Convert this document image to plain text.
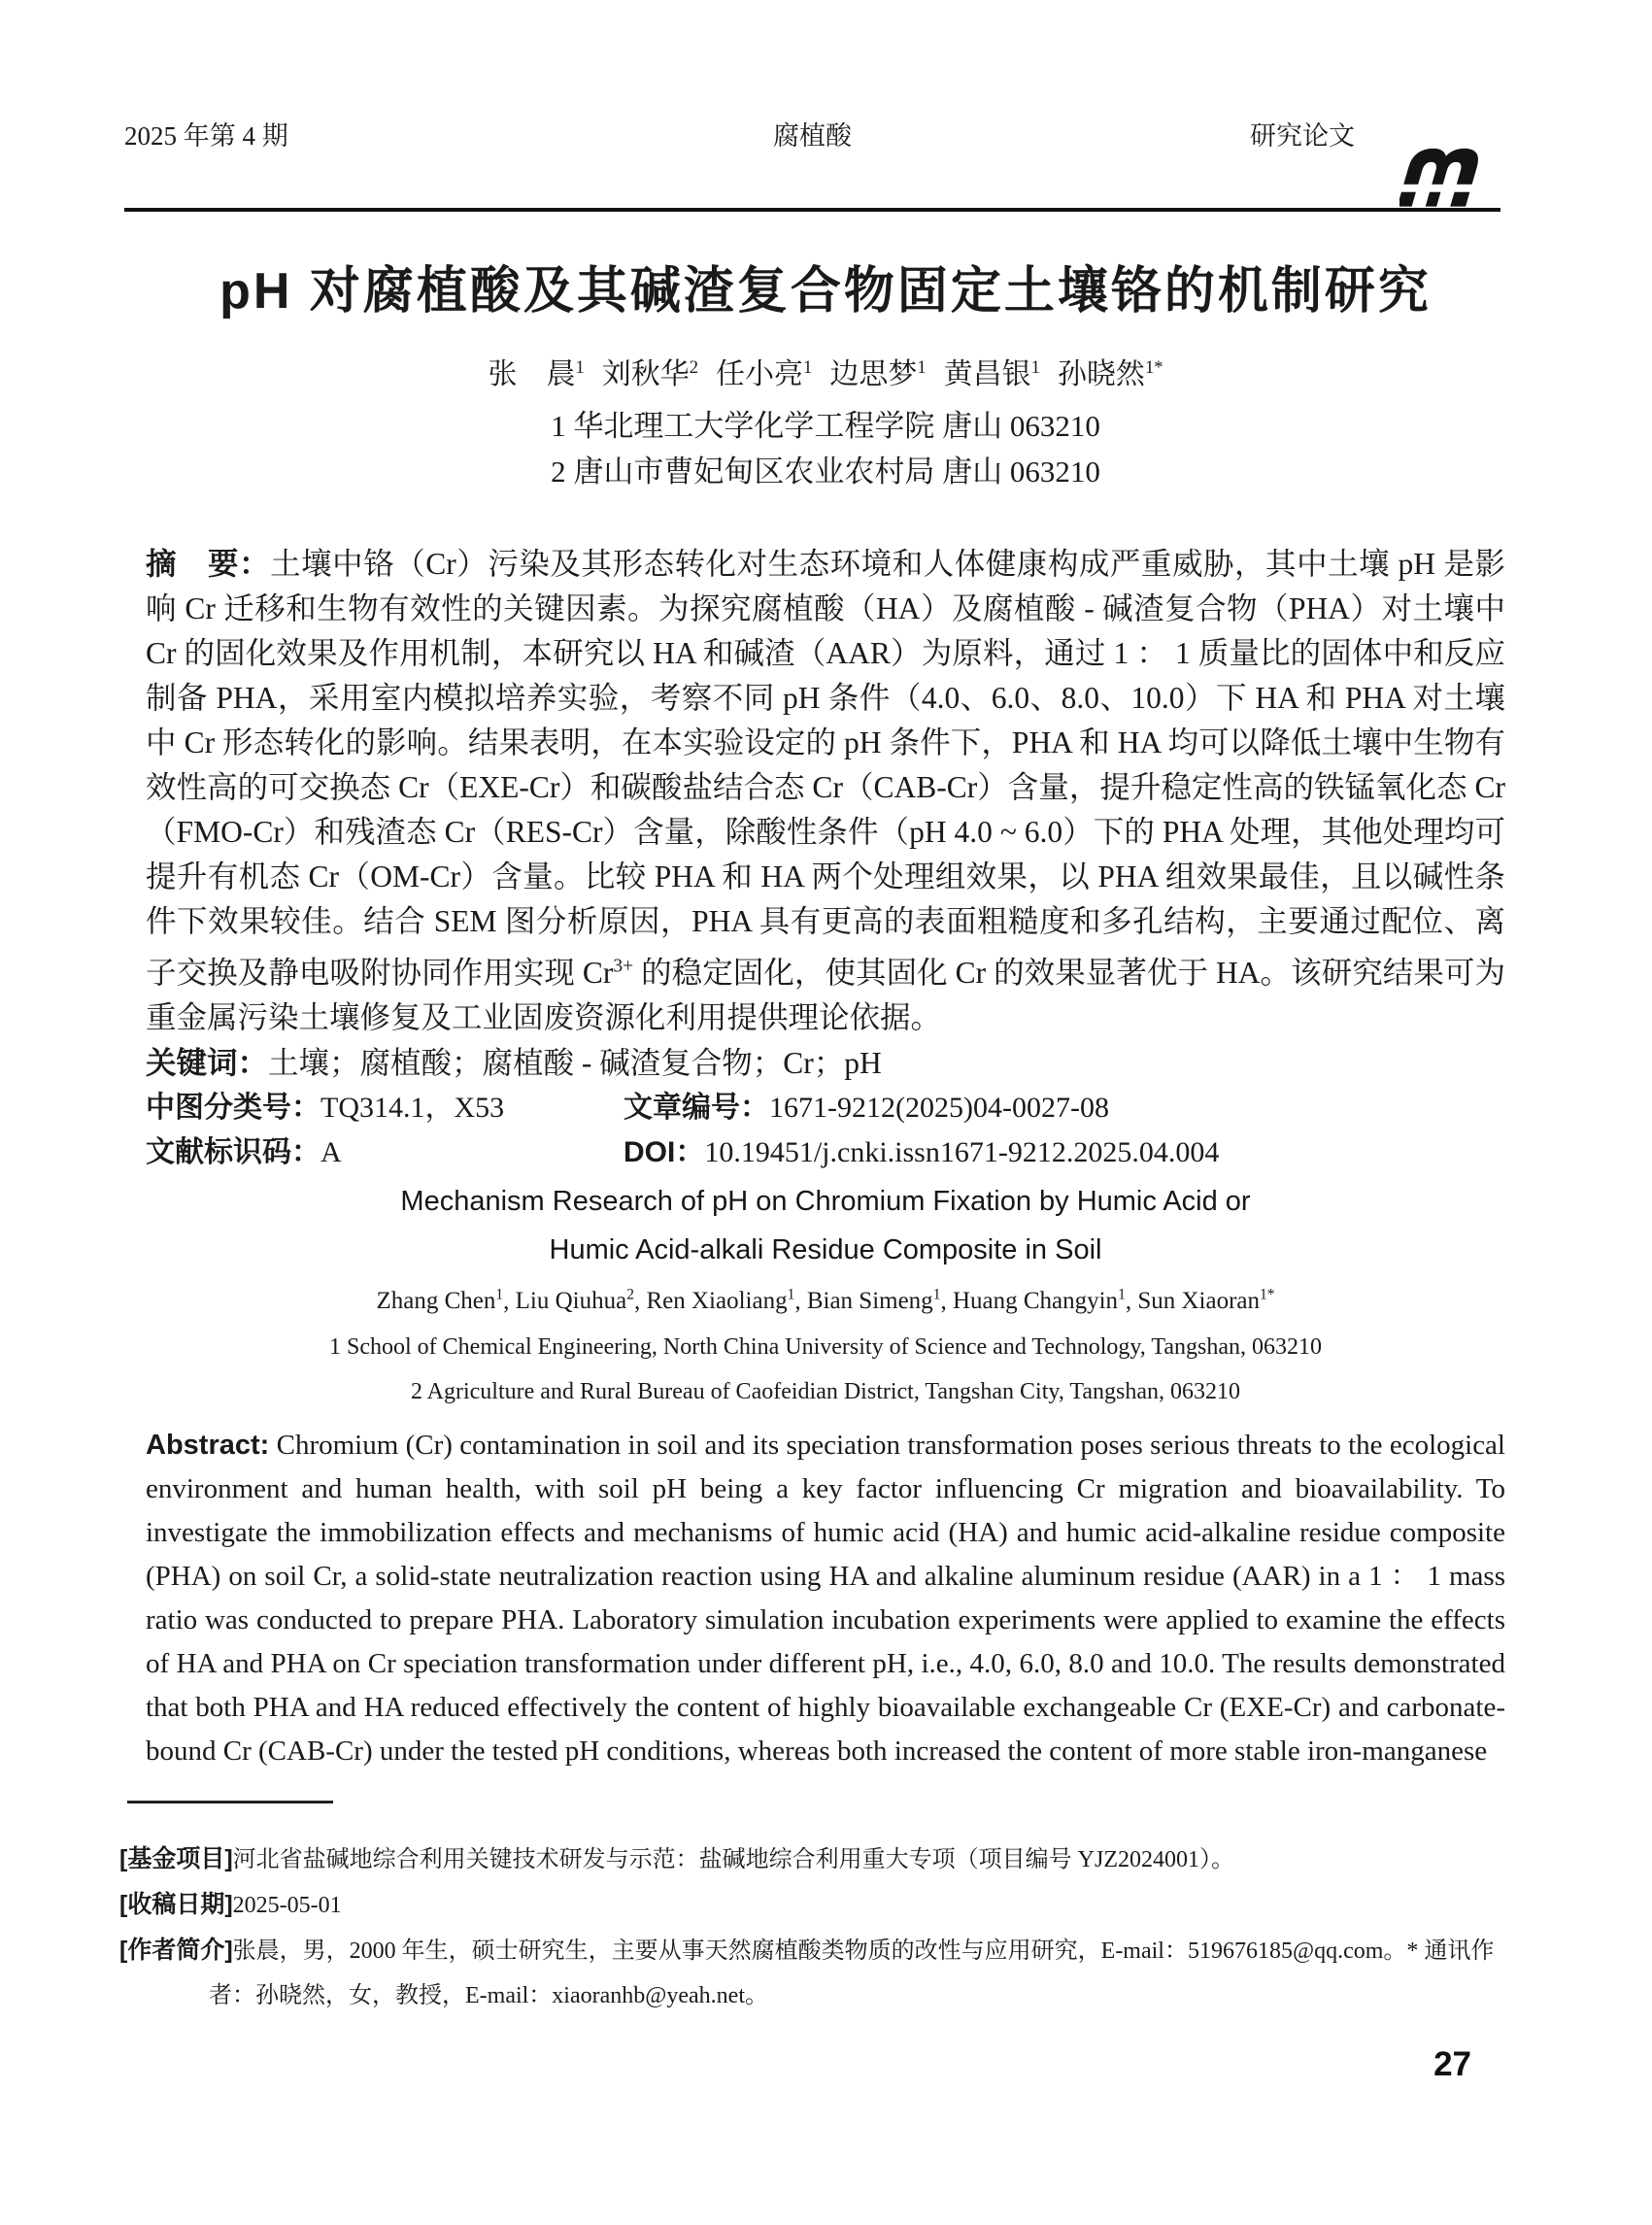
2025 年第 4 期	腐植酸	研究论文
pH 对腐植酸及其碱渣复合物固定土壤铬的机制研究

张　晨$^1$ 刘秋华$^2$ 任小亮$^1$ 边思梦$^1$ 黄昌银$^1$ 孙晓然$^{1*}$

1 华北理工大学化学工程学院 唐山 063210

2 唐山市曹妃甸区农业农村局 唐山 063210

摘　要：土壤中铬（Cr）污染及其形态转化对生态环境和人体健康构成严重威胁，其中土壤 pH 是影响 Cr 迁移和生物有效性的关键因素。为探究腐植酸（HA）及腐植酸 - 碱渣复合物（PHA）对土壤中 Cr 的固化效果及作用机制，本研究以 HA 和碱渣（AAR）为原料，通过 1 ： 1 质量比的固体中和反应制备 PHA，采用室内模拟培养实验，考察不同 pH 条件（4.0、6.0、8.0、10.0）下 HA 和 PHA 对土壤中 Cr 形态转化的影响。结果表明，在本实验设定的 pH 条件下，PHA 和 HA 均可以降低土壤中生物有效性高的可交换态 Cr（EXE-Cr）和碳酸盐结合态 Cr（CAB-Cr）含量，提升稳定性高的铁锰氧化态 Cr（FMO-Cr）和残渣态 Cr（RES-Cr）含量，除酸性条件（pH 4.0 ~ 6.0）下的 PHA 处理，其他处理均可提升有机态 Cr（OM-Cr）含量。比较 PHA 和 HA 两个处理组效果，以 PHA 组效果最佳，且以碱性条件下效果较佳。结合 SEM 图分析原因，PHA 具有更高的表面粗糙度和多孔结构，主要通过配位、离子交换及静电吸附协同作用实现 $Cr^{3+}$ 的稳定固化，使其固化 Cr 的效果显著优于 HA。该研究结果可为重金属污染土壤修复及工业固废资源化利用提供理论依据。

关键词：土壤；腐植酸；腐植酸 - 碱渣复合物；Cr；pH

中图分类号：TQ314.1，X53	文章编号：1671-9212(2025)04-0027-08
文献标识码：A	DOI：10.19451/j.cnki.issn1671-9212.2025.04.004

Mechanism Research of pH on Chromium Fixation by Humic Acid or

Humic Acid-alkali Residue Composite in Soil

Zhang Chen$^1$, Liu Qiuhua$^2$, Ren Xiaoliang$^1$, Bian Simeng$^1$, Huang Changyin$^1$, Sun Xiaoran$^{1*}$

1 School of Chemical Engineering, North China University of Science and Technology, Tangshan, 063210

2 Agriculture and Rural Bureau of Caofeidian District, Tangshan City, Tangshan, 063210

Abstract: Chromium (Cr) contamination in soil and its speciation transformation poses serious threats to the ecological environment and human health, with soil pH being a key factor influencing Cr migration and bioavailability. To investigate the immobilization effects and mechanisms of humic acid (HA) and humic acid-alkaline residue composite (PHA) on soil Cr, a solid-state neutralization reaction using HA and alkaline aluminum residue (AAR) in a 1 ： 1 mass ratio was conducted to prepare PHA. Laboratory simulation incubation experiments were applied to examine the effects of HA and PHA on Cr speciation transformation under different pH, i.e., 4.0, 6.0, 8.0 and 10.0. The results demonstrated that both PHA and HA reduced effectively the content of highly bioavailable exchangeable Cr (EXE-Cr) and carbonate-bound Cr (CAB-Cr) under the tested pH conditions, whereas both increased the content of more stable iron-manganese

[基金项目]河北省盐碱地综合利用关键技术研发与示范：盐碱地综合利用重大专项（项目编号 YJZ2024001）。

[收稿日期]2025-05-01

[作者简介]张晨，男，2000 年生，硕士研究生，主要从事天然腐植酸类物质的改性与应用研究，E-mail：519676185@qq.com。* 通讯作者：孙晓然，女，教授，E-mail：xiaoranhb@yeah.net。

27
